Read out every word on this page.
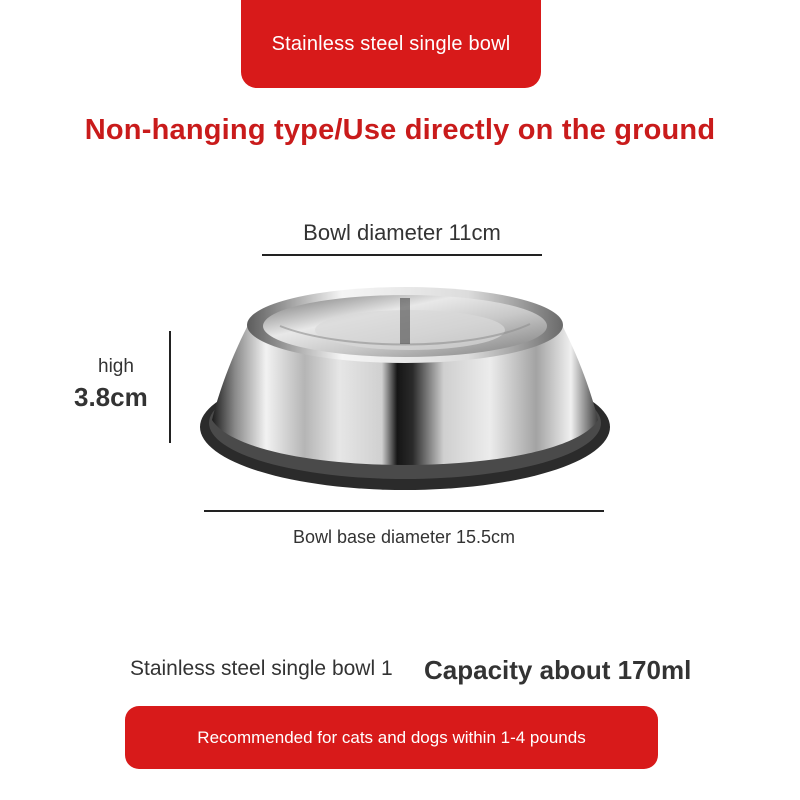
Stainless steel single bowl
Non-hanging type/Use directly on the ground
Bowl diameter 11cm
high
3.8cm
Bowl base diameter 15.5cm
Stainless steel single bowl 1 Capacity about 170ml
Recommended for cats and dogs within 1-4 pounds
